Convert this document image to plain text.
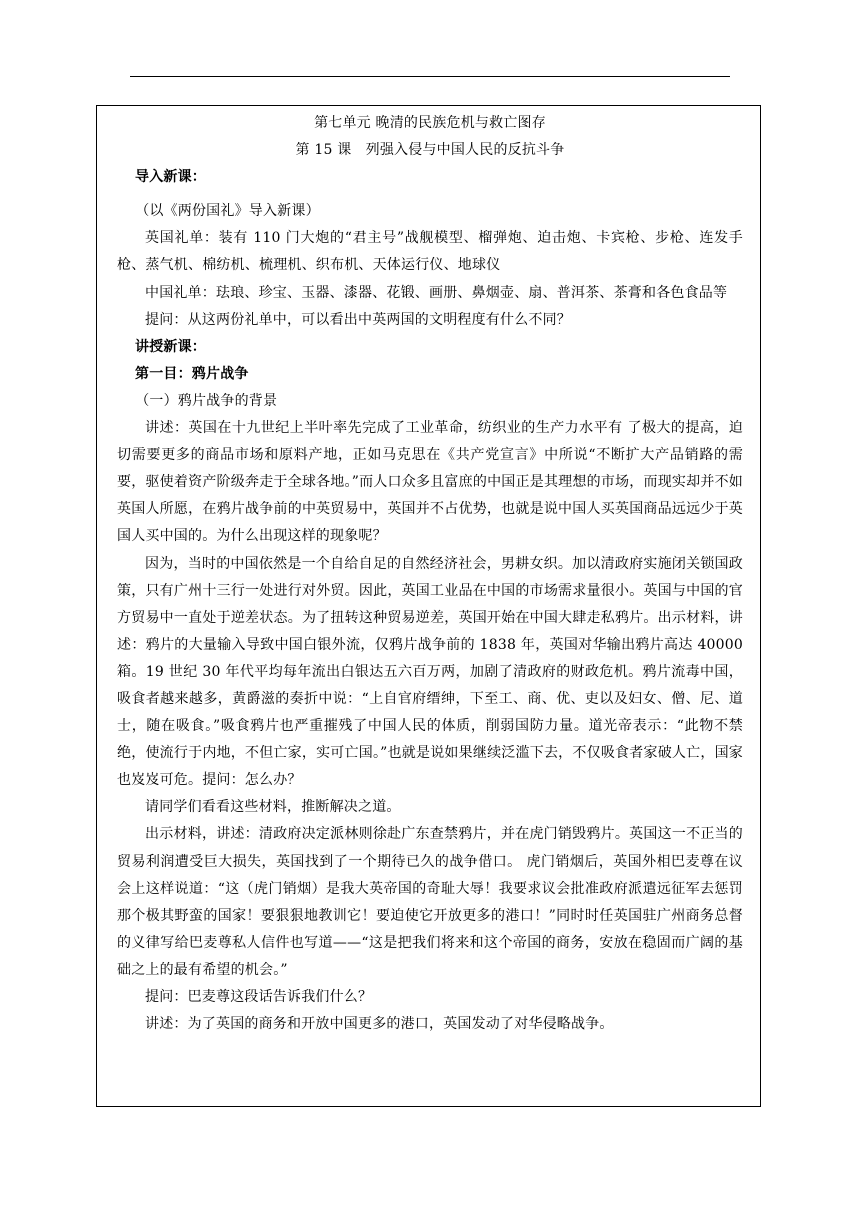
第七单元 晚清的民族危机与救亡图存

第 15 课　列强入侵与中国人民的反抗斗争

导入新课：

（以《两份国礼》导入新课）

英国礼单：装有 110 门大炮的“君主号”战舰模型、榴弹炮、迫击炮、卡宾枪、步枪、连发手枪、蒸气机、棉纺机、梳理机、织布机、天体运行仪、地球仪

中国礼单：珐琅、珍宝、玉器、漆器、花锻、画册、鼻烟壶、扇、普洱茶、茶膏和各色食品等

提问：从这两份礼单中，可以看出中英两国的文明程度有什么不同？

讲授新课：

第一目：鸦片战争

（一）鸦片战争的背景

讲述：英国在十九世纪上半叶率先完成了工业革命，纺织业的生产力水平有 了极大的提高，迫切需要更多的商品市场和原料产地，正如马克思在《共产党宣言》中所说“不断扩大产品销路的需要，驱使着资产阶级奔走于全球各地。”而人口众多且富庶的中国正是其理想的市场，而现实却并不如英国人所愿，在鸦片战争前的中英贸易中，英国并不占优势，也就是说中国人买英国商品远远少于英国人买中国的。为什么出现这样的现象呢？

因为，当时的中国依然是一个自给自足的自然经济社会，男耕女织。加以清政府实施闭关锁国政策，只有广州十三行一处进行对外贸。因此，英国工业品在中国的市场需求量很小。英国与中国的官方贸易中一直处于逆差状态。为了扭转这种贸易逆差，英国开始在中国大肆走私鸦片。出示材料，讲述：鸦片的大量输入导致中国白银外流，仅鸦片战争前的 1838 年，英国对华输出鸦片高达 40000 箱。19 世纪 30 年代平均每年流出白银达五六百万两，加剧了清政府的财政危机。鸦片流毒中国，吸食者越来越多，黄爵滋的奏折中说：“上自官府缙绅，下至工、商、优、吏以及妇女、僧、尼、道士，随在吸食。”吸食鸦片也严重摧残了中国人民的体质，削弱国防力量。道光帝表示：“此物不禁绝，使流行于内地，不但亡家，实可亡国。”也就是说如果继续泛滥下去，不仅吸食者家破人亡，国家也岌岌可危。提问：怎么办？

请同学们看看这些材料，推断解决之道。

出示材料，讲述：清政府决定派林则徐赴广东查禁鸦片，并在虎门销毁鸦片。英国这一不正当的贸易利润遭受巨大损失，英国找到了一个期待已久的战争借口。 虎门销烟后，英国外相巴麦尊在议会上这样说道：“这（虎门销烟）是我大英帝国的奇耻大辱！我要求议会批准政府派遣远征军去惩罚那个极其野蛮的国家！要狠狠地教训它！要迫使它开放更多的港口！”同时时任英国驻广州商务总督的义律写给巴麦尊私人信件也写道——“这是把我们将来和这个帝国的商务，安放在稳固而广阔的基础之上的最有希望的机会。”

提问：巴麦尊这段话告诉我们什么？

讲述：为了英国的商务和开放中国更多的港口，英国发动了对华侵略战争。
